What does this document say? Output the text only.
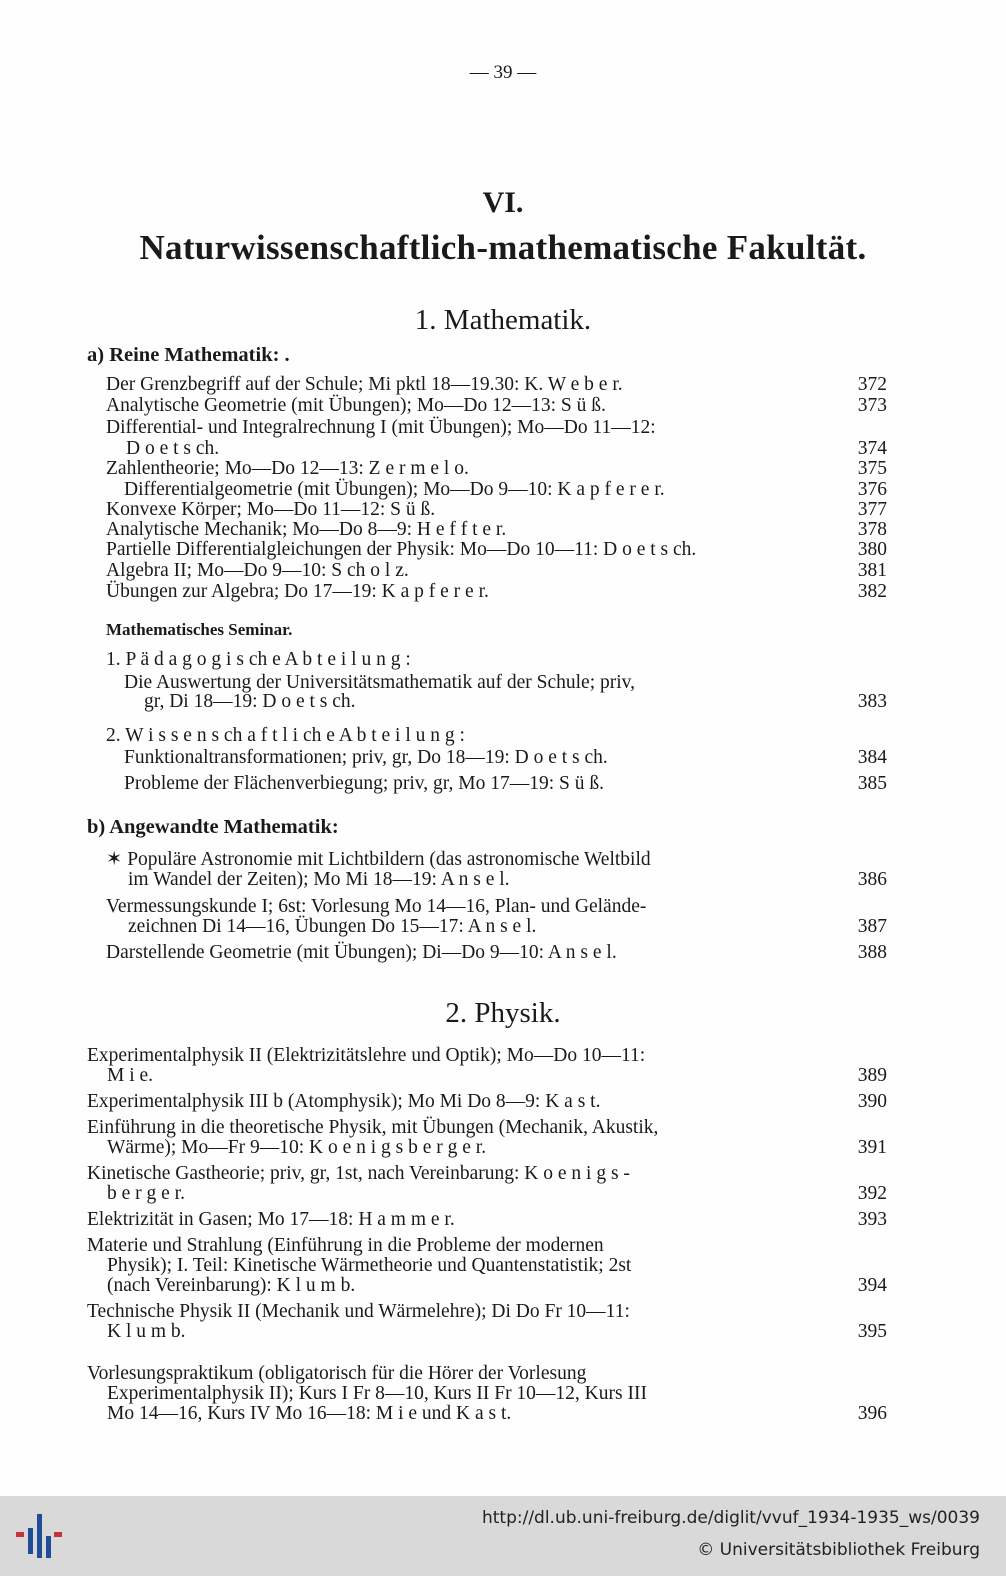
— 39 —
VI.
Naturwissenschaftlich-mathematische Fakultät.
1. Mathematik.
a) Reine Mathematik: .
Der Grenzbegriff auf der Schule; Mi pktl 18—19.30: K. W e b e r.	372
Analytische Geometrie (mit Übungen); Mo—Do 12—13: S ü ß.	373
Differential- und Integralrechnung I (mit Übungen); Mo—Do 11—12:
D o e t s ch.	374
Zahlentheorie; Mo—Do 12—13: Z e r m e l o.	375
Differentialgeometrie (mit Übungen); Mo—Do 9—10: K a p f e r e r.	376
Konvexe Körper; Mo—Do 11—12: S ü ß.	377
Analytische Mechanik; Mo—Do 8—9: H e f f t e r.	378
Partielle Differentialgleichungen der Physik: Mo—Do 10—11: D o e t s ch.	380
Algebra II; Mo—Do 9—10: S ch o l z.	381
Übungen zur Algebra; Do 17—19: K a p f e r e r.	382
Mathematisches Seminar.
1. P ä d a g o g i s ch e A b t e i l u n g :
Die Auswertung der Universitätsmathematik auf der Schule; priv,
gr, Di 18—19: D o e t s ch.	383
2. W i s s e n s ch a f t l i ch e A b t e i l u n g :
Funktionaltransformationen; priv, gr, Do 18—19: D o e t s ch.	384
Probleme der Flächenverbiegung; priv, gr, Mo 17—19: S ü ß.	385
b) Angewandte Mathematik:
✶ Populäre Astronomie mit Lichtbildern (das astronomische Weltbild
im Wandel der Zeiten); Mo Mi 18—19: A n s e l.	386
Vermessungskunde I; 6st: Vorlesung Mo 14—16, Plan- und Gelände-
zeichnen Di 14—16, Übungen Do 15—17: A n s e l.	387
Darstellende Geometrie (mit Übungen); Di—Do 9—10: A n s e l.	388
2. Physik.
Experimentalphysik II (Elektrizitätslehre und Optik); Mo—Do 10—11:
M i e.	389
Experimentalphysik III b (Atomphysik); Mo Mi Do 8—9: K a s t.	390
Einführung in die theoretische Physik, mit Übungen (Mechanik, Akustik,
Wärme); Mo—Fr 9—10: K o e n i g s b e r g e r.	391
Kinetische Gastheorie; priv, gr, 1st, nach Vereinbarung: K o e n i g s -
b e r g e r.	392
Elektrizität in Gasen; Mo 17—18: H a m m e r.	393
Materie und Strahlung (Einführung in die Probleme der modernen
Physik); I. Teil: Kinetische Wärmetheorie und Quantenstatistik; 2st
(nach Vereinbarung): K l u m b.	394
Technische Physik II (Mechanik und Wärmelehre); Di Do Fr 10—11:
K l u m b.	395
Vorlesungspraktikum (obligatorisch für die Hörer der Vorlesung
Experimentalphysik II); Kurs I Fr 8—10, Kurs II Fr 10—12, Kurs III
Mo 14—16, Kurs IV Mo 16—18: M i e und K a s t.	396
http://dl.ub.uni-freiburg.de/diglit/vvuf_1934-1935_ws/0039
© Universitätsbibliothek Freiburg
